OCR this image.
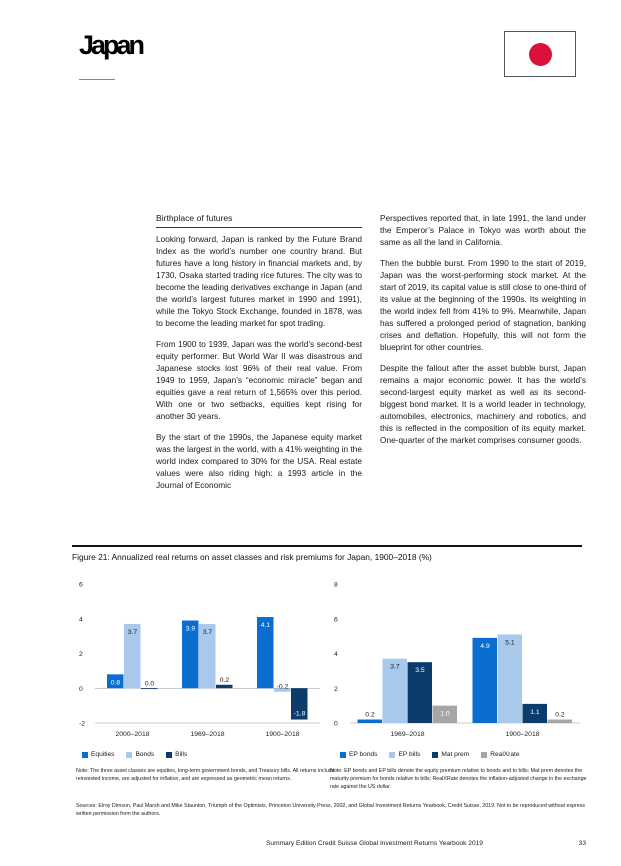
Japan
Birthplace of futures

Looking forward, Japan is ranked by the Future Brand Index as the world’s number one country brand. But futures have a long history in financial markets and, by 1730, Osaka started trading rice futures. The city was to become the leading derivatives exchange in Japan (and the world’s largest futures market in 1990 and 1991), while the Tokyo Stock Exchange, founded in 1878, was to become the leading market for spot trading.

From 1900 to 1939, Japan was the world’s second-best equity performer. But World War II was disastrous and Japanese stocks lost 96% of their real value. From 1949 to 1959, Japan’s “economic miracle” began and equities gave a real return of 1,565% over this period. With one or two setbacks, equities kept rising for another 30 years.

By the start of the 1990s, the Japanese equity market was the largest in the world, with a 41% weighting in the world index compared to 30% for the USA. Real estate values were also riding high: a 1993 article in the Journal of Economic

Perspectives reported that, in late 1991, the land under the Emperor’s Palace in Tokyo was worth about the same as all the land in California.

Then the bubble burst. From 1990 to the start of 2019, Japan was the worst-performing stock market. At the start of 2019, its capital value is still close to one-third of its value at the beginning of the 1990s. Its weighting in the world index fell from 41% to 9%. Meanwhile, Japan has suffered a prolonged period of stagnation, banking crises and deflation. Hopefully, this will not form the blueprint for other countries.

Despite the fallout after the asset bubble burst, Japan remains a major economic power. It has the world’s second-largest equity market as well as its second-biggest bond market. It is a world leader in technology, automobiles, electronics, machinery and robotics, and this is reflected in the composition of its equity market. One-quarter of the market comprises consumer goods.

Figure 21: Annualized real returns on asset classes and risk premiums for Japan, 1900–2018 (%)
-2
0
2
4
6
0.8
3.7
0.0
2000–2018
3.9 3.7
0.2
1969–2018
4.1
-0.2
-1.8
1900–2018
0
2
4
6
8
0.2
3.7 3.5
1.0
1969–2018
4.9 5.1
1.1 0.2
1900–2018
Equities	Bonds	Bills	EP bonds	EP bills	Mat prem	RealXrate
Note: The three asset classes are equities, long-term government bonds, and Treasury bills. All returns include reinvested income, are adjusted for inflation, and are expressed as geometric mean returns.
Note: EP bonds and EP bills denote the equity premium relative to bonds and to bills; Mat prem denotes the maturity premium for bonds relative to bills; RealXRate denotes the inflation-adjusted change in the exchange rate against the US dollar.
Sources: Elroy Dimson, Paul Marsh and Mike Staunton, Triumph of the Optimists, Princeton University Press, 2002, and Global Investment Returns Yearbook, Credit Suisse, 2019. Not to be reproduced without express written permission from the authors.
Summary Edition Credit Suisse Global Investment Returns Yearbook 2019	33
